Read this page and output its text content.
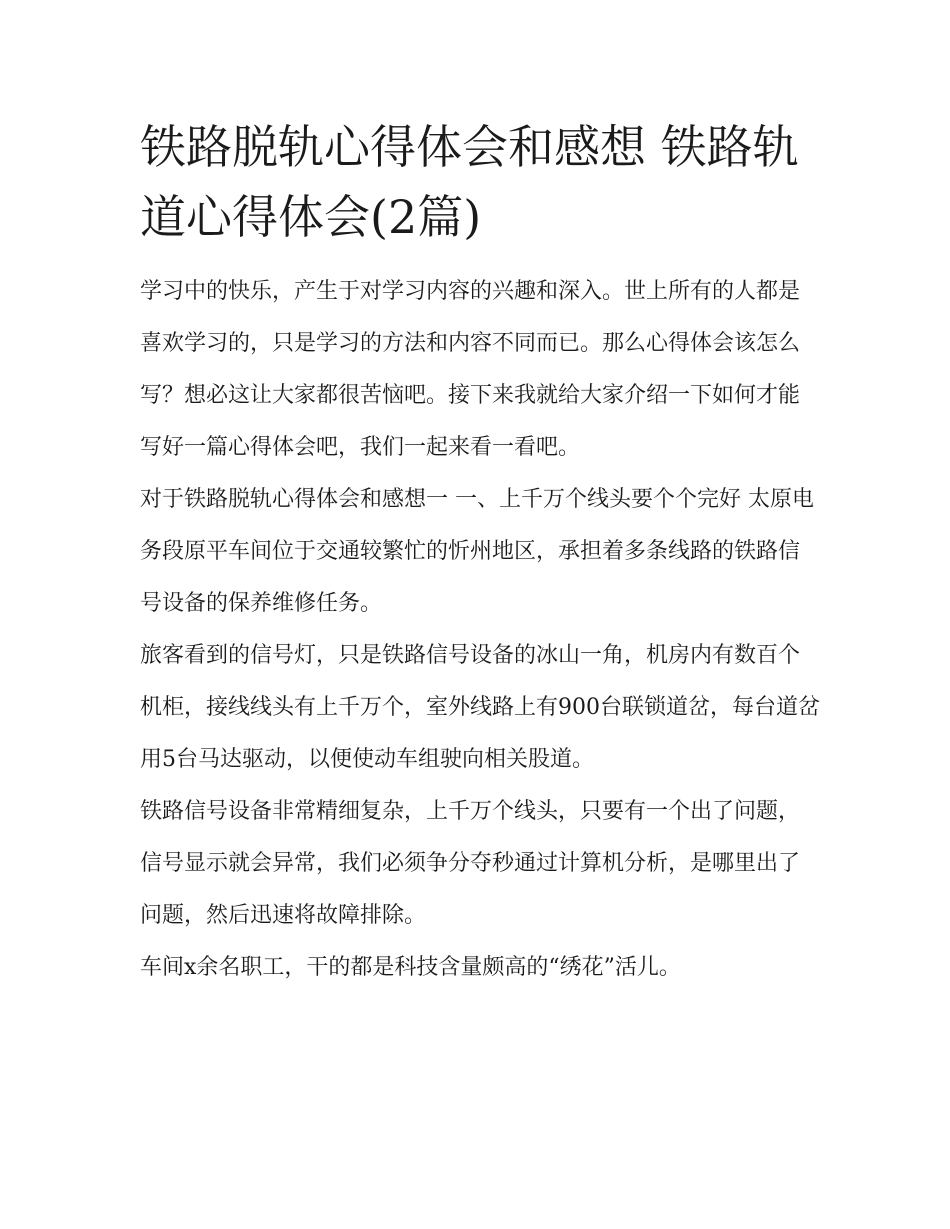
铁路脱轨心得体会和感想 铁路轨道心得体会(2篇)

学习中的快乐，产生于对学习内容的兴趣和深入。世上所有的人都是喜欢学习的，只是学习的方法和内容不同而已。那么心得体会该怎么写？想必这让大家都很苦恼吧。接下来我就给大家介绍一下如何才能写好一篇心得体会吧，我们一起来看一看吧。

对于铁路脱轨心得体会和感想一 一、上千万个线头要个个完好 太原电务段原平车间位于交通较繁忙的忻州地区，承担着多条线路的铁路信号设备的保养维修任务。

旅客看到的信号灯，只是铁路信号设备的冰山一角，机房内有数百个机柜，接线线头有上千万个，室外线路上有900台联锁道岔，每台道岔用5台马达驱动，以便使动车组驶向相关股道。

铁路信号设备非常精细复杂，上千万个线头，只要有一个出了问题，信号显示就会异常，我们必须争分夺秒通过计算机分析，是哪里出了问题，然后迅速将故障排除。

车间x余名职工，干的都是科技含量颇高的“绣花”活儿。
